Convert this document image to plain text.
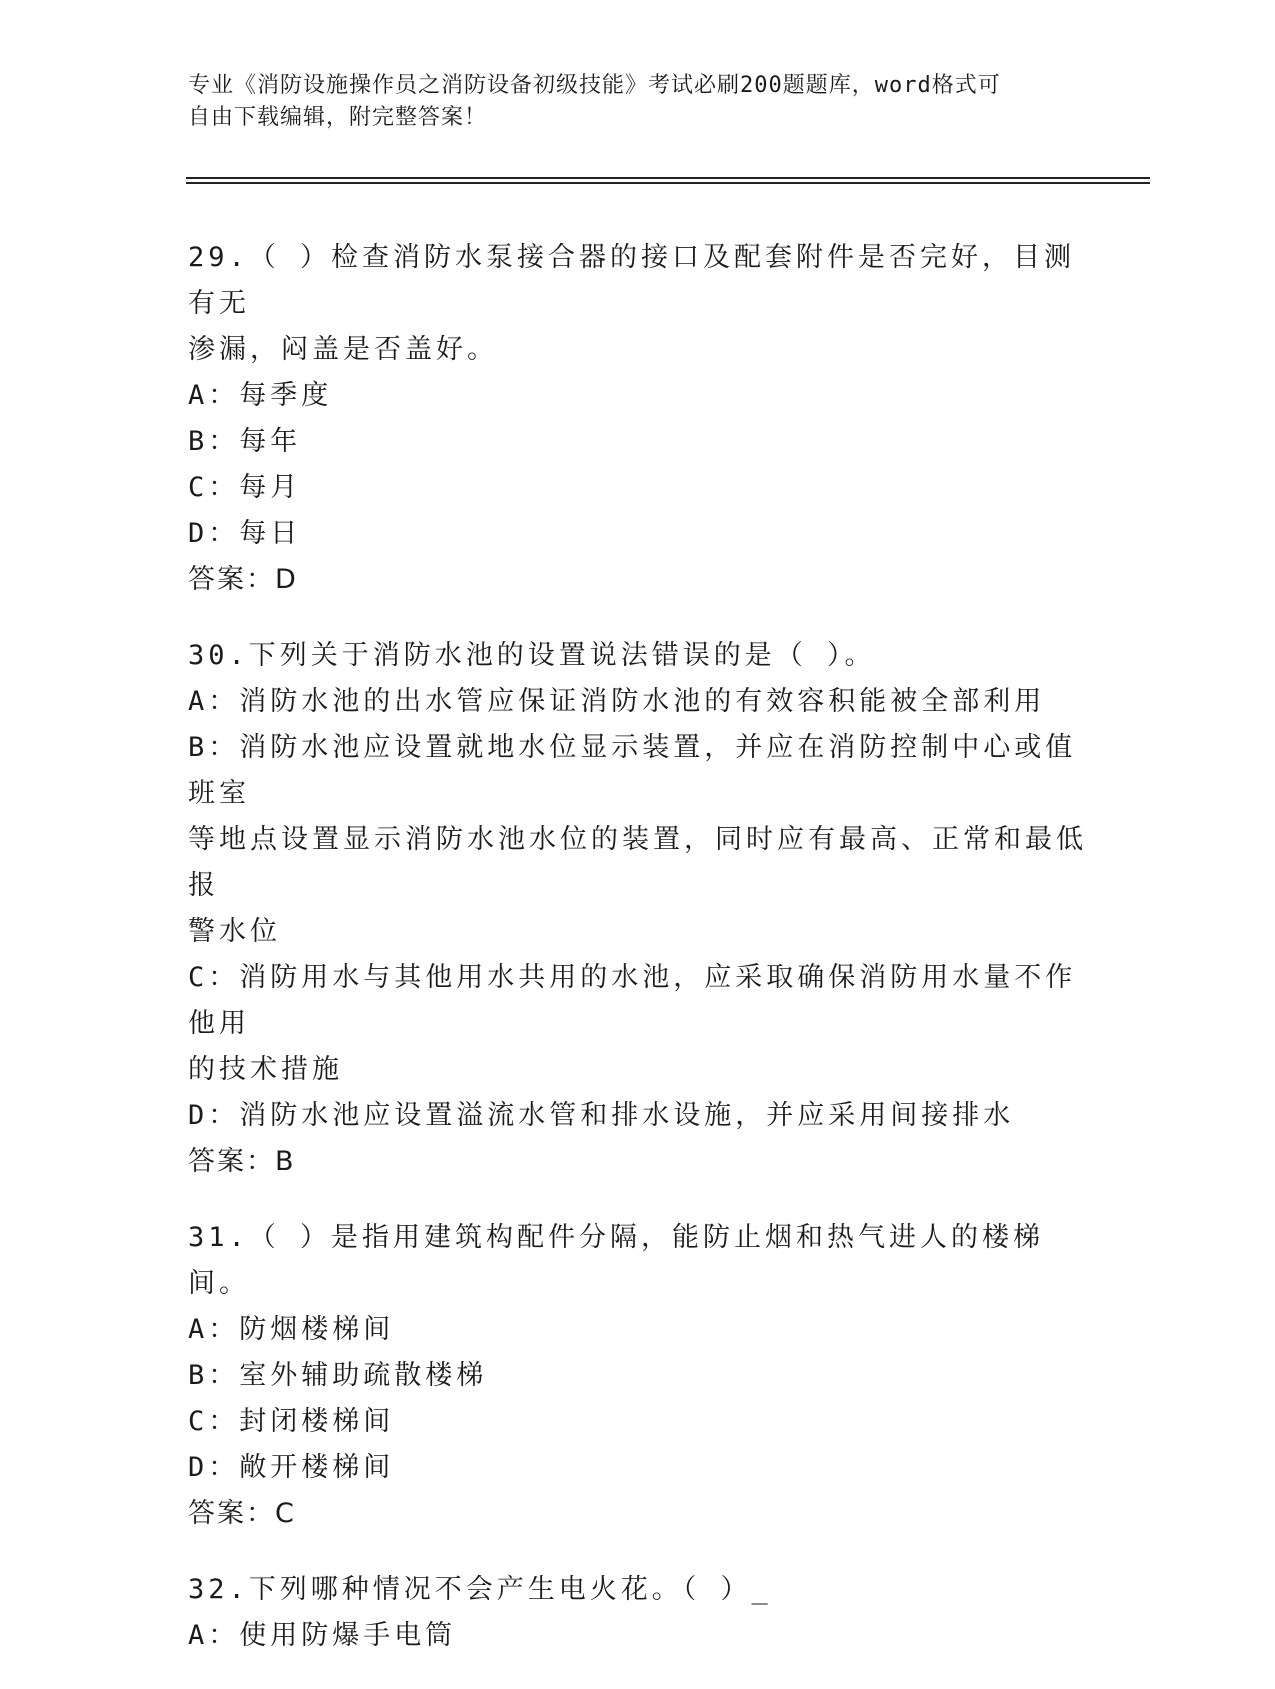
专业《消防设施操作员之消防设备初级技能》考试必刷200题题库，word格式可
自由下载编辑，附完整答案！
29.（ ）检查消防水泵接合器的接口及配套附件是否完好，目测有无
渗漏，闷盖是否盖好。
A：每季度
B：每年
C：每月
D：每日
答案：D
30.下列关于消防水池的设置说法错误的是（ ）。
A：消防水池的出水管应保证消防水池的有效容积能被全部利用
B：消防水池应设置就地水位显示装置，并应在消防控制中心或值班室
等地点设置显示消防水池水位的装置，同时应有最高、正常和最低报
警水位
C：消防用水与其他用水共用的水池，应采取确保消防用水量不作他用
的技术措施
D：消防水池应设置溢流水管和排水设施，并应采用间接排水
答案：B
31.（ ）是指用建筑构配件分隔，能防止烟和热气进人的楼梯间。
A：防烟楼梯间
B：室外辅助疏散楼梯
C：封闭楼梯间
D：敞开楼梯间
答案：C
32.下列哪种情况不会产生电火花。（ ）_
A：使用防爆手电筒
